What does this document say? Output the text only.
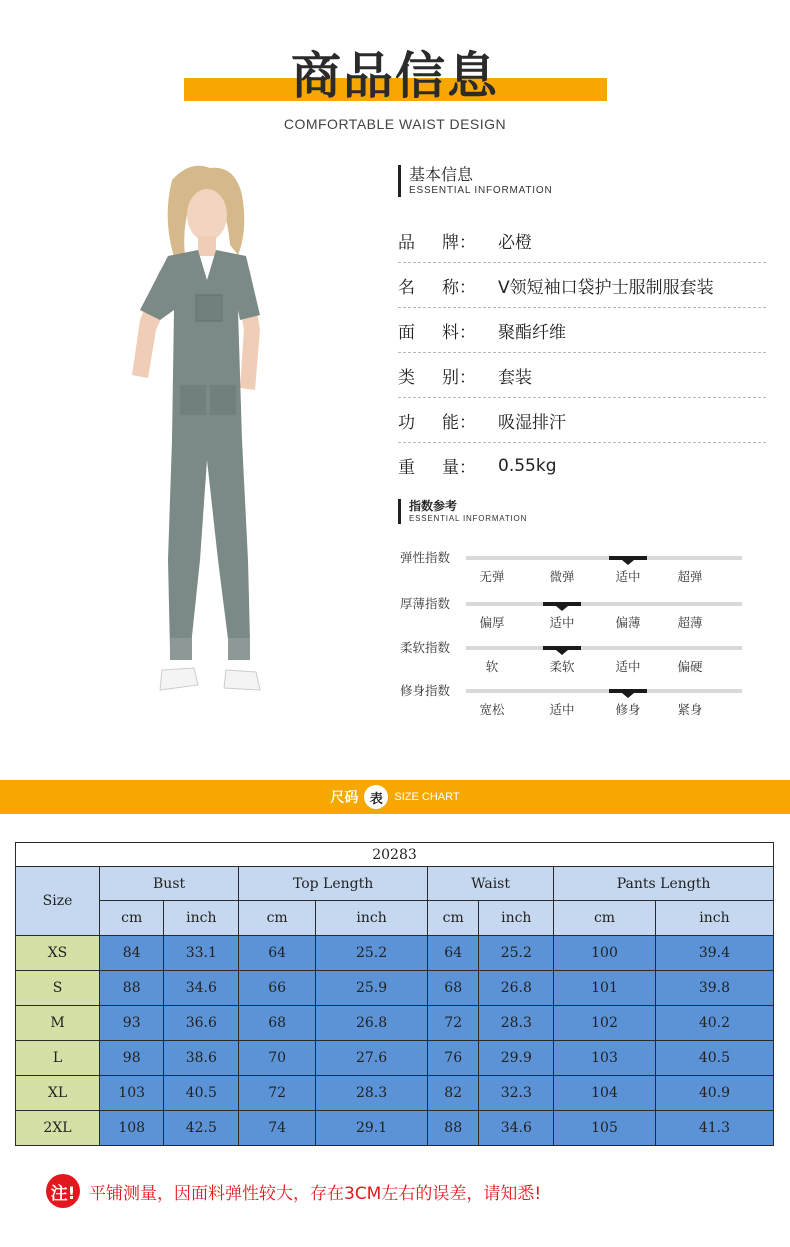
商品信息
COMFORTABLE WAIST DESIGN
基本信息
ESSENTIAL INFORMATION
品	牌：	必橙
名	称：	V领短袖口袋护士服制服套装
面	料：	聚酯纤维
类	别：	套装
功	能：	吸湿排汗
重	量：	0.55kg
指数参考
ESSENTIAL INFORMATION
弹性指数
无弹	微弹	适中	超弹
厚薄指数
偏厚	适中	偏薄	超薄
柔软指数
软	柔软	适中	偏硬
修身指数
宽松	适中	修身	紧身
尺码 表	SIZE CHART
20283								
Size	Bust		Top Length		Waist		Pants Length	
	cm	inch	cm	inch	cm	inch	cm	inch
XS	84	33.1	64	25.2	64	25.2	100	39.4
S	88	34.6	66	25.9	68	26.8	101	39.8
M	93	36.6	68	26.8	72	28.3	102	40.2
L	98	38.6	70	27.6	76	29.9	103	40.5
XL	103	40.5	72	28.3	82	32.3	104	40.9
2XL	108	42.5	74	29.1	88	34.6	105	41.3
注! 平铺测量，因面料弹性较大，存在3CM左右的误差，请知悉!
